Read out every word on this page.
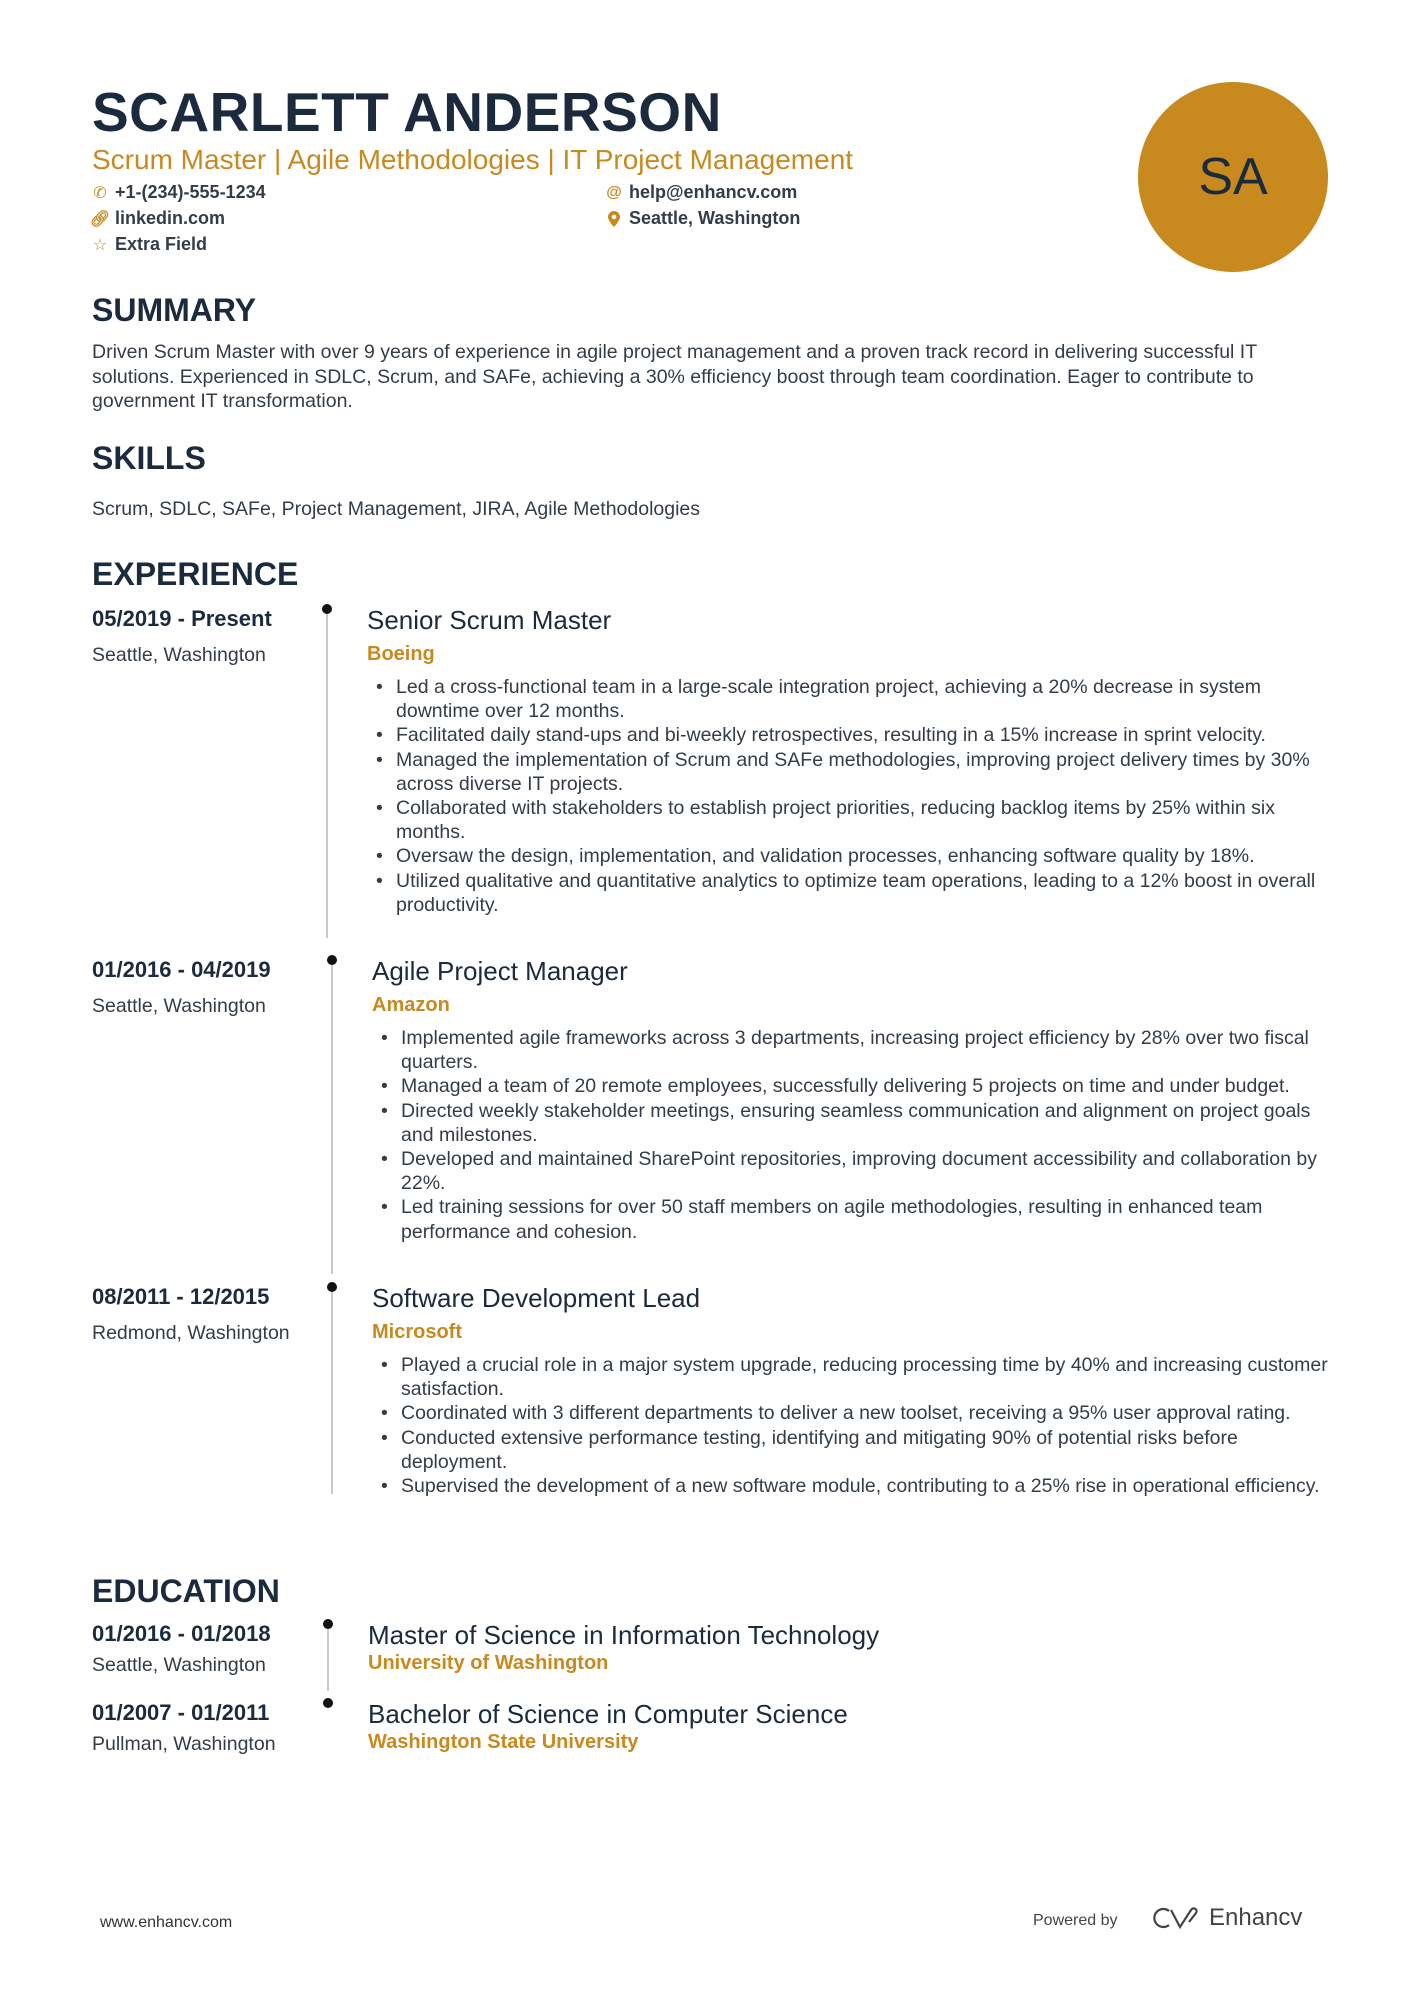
SCARLETT ANDERSON
Scrum Master | Agile Methodologies | IT Project Management
✆ +1-(234)-555-1234
🔗︎ linkedin.com
☆ Extra Field
@ help@enhancv.com
Seattle, Washington
SA
SUMMARY
Driven Scrum Master with over 9 years of experience in agile project management and a proven track record in delivering successful IT solutions. Experienced in SDLC, Scrum, and SAFe, achieving a 30% efficiency boost through team coordination. Eager to contribute to government IT transformation.
SKILLS
Scrum, SDLC, SAFe, Project Management, JIRA, Agile Methodologies
EXPERIENCE
05/2019 - Present
Seattle, Washington
Senior Scrum Master
Boeing
• Led a cross-functional team in a large-scale integration project, achieving a 20% decrease in system downtime over 12 months.
• Facilitated daily stand-ups and bi-weekly retrospectives, resulting in a 15% increase in sprint velocity.
• Managed the implementation of Scrum and SAFe methodologies, improving project delivery times by 30% across diverse IT projects.
• Collaborated with stakeholders to establish project priorities, reducing backlog items by 25% within six months.
• Oversaw the design, implementation, and validation processes, enhancing software quality by 18%.
• Utilized qualitative and quantitative analytics to optimize team operations, leading to a 12% boost in overall productivity.
01/2016 - 04/2019
Seattle, Washington
Agile Project Manager
Amazon
• Implemented agile frameworks across 3 departments, increasing project efficiency by 28% over two fiscal quarters.
• Managed a team of 20 remote employees, successfully delivering 5 projects on time and under budget.
• Directed weekly stakeholder meetings, ensuring seamless communication and alignment on project goals and milestones.
• Developed and maintained SharePoint repositories, improving document accessibility and collaboration by 22%.
• Led training sessions for over 50 staff members on agile methodologies, resulting in enhanced team performance and cohesion.
08/2011 - 12/2015
Redmond, Washington
Software Development Lead
Microsoft
• Played a crucial role in a major system upgrade, reducing processing time by 40% and increasing customer satisfaction.
• Coordinated with 3 different departments to deliver a new toolset, receiving a 95% user approval rating.
• Conducted extensive performance testing, identifying and mitigating 90% of potential risks before deployment.
• Supervised the development of a new software module, contributing to a 25% rise in operational efficiency.
EDUCATION
01/2016 - 01/2018
Seattle, Washington
Master of Science in Information Technology
University of Washington
01/2007 - 01/2011
Pullman, Washington
Bachelor of Science in Computer Science
Washington State University
www.enhancv.com	Powered by	Enhancv
